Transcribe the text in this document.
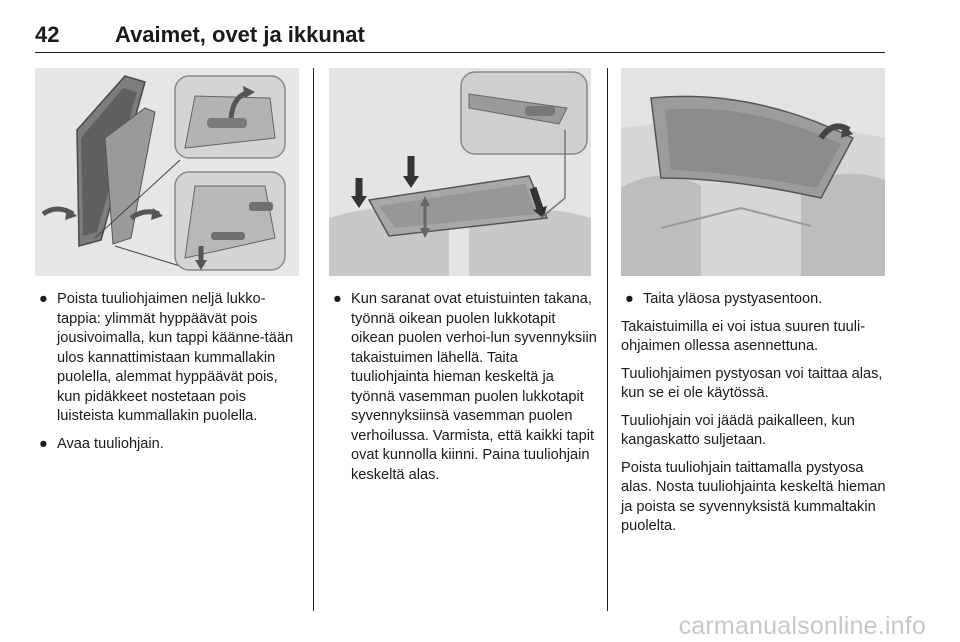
42	Avaimet, ovet ja ikkunat
● Poista tuuliohjaimen neljä lukko-tappia: ylimmät hyppäävät pois jousivoimalla, kun tappi käänne-tään ulos kannattimistaan kummallakin puolella, alemmat hyppäävät pois, kun pidäkkeet nostetaan pois luisteista kummallakin puolella.
● Avaa tuuliohjain.
● Kun saranat ovat etuistuinten takana, työnnä oikean puolen lukkotapit oikean puolen verhoi-lun syvennyksiin takaistuimen lähellä. Taita tuuliohjainta hieman keskeltä ja työnnä vasemman puolen lukkotapit syvennyksiinsä vasemman puolen verhoilussa. Varmista, että kaikki tapit ovat kunnolla kiinni. Paina tuuliohjain keskeltä alas.
● Taita yläosa pystyasentoon.

Takaistuimilla ei voi istua suuren tuuli-ohjaimen ollessa asennettuna.

Tuuliohjaimen pystyosan voi taittaa alas, kun se ei ole käytössä.

Tuuliohjain voi jäädä paikalleen, kun kangaskatto suljetaan.

Poista tuuliohjain taittamalla pystyosa alas. Nosta tuuliohjainta keskeltä hieman ja poista se syvennyksistä kummaltakin puolelta.

carmanualsonline.info
